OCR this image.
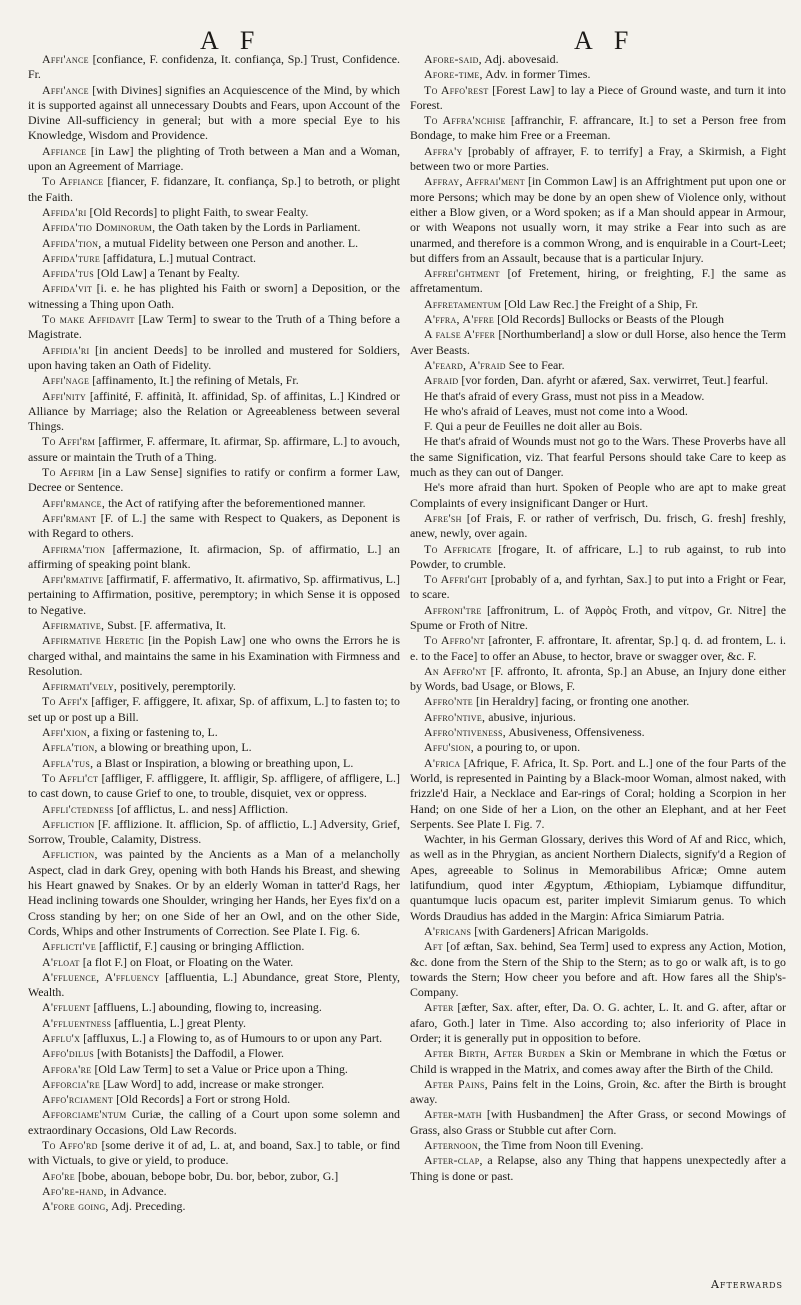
A F	A F

Affi'ance [confiance, F. confidenza, It. confiança, Sp.] Trust, Confidence. Fr.

Affi'ance [with Divines] signifies an Acquiescence of the Mind, by which it is supported against all unnecessary Doubts and Fears, upon Account of the Divine All-sufficiency in general; but with a more special Eye to his Knowledge, Wisdom and Providence.

Affiance [in Law] the plighting of Troth between a Man and a Woman, upon an Agreement of Marriage.

To Affiance [fiancer, F. fidanzare, It. confiança, Sp.] to betroth, or plight the Faith.

Affida'ri [Old Records] to plight Faith, to swear Fealty.

Affida'tio Dominorum, the Oath taken by the Lords in Parliament.

Affida'tion, a mutual Fidelity between one Person and another. L.

Affida'ture [affidatura, L.] mutual Contract.

Affida'tus [Old Law] a Tenant by Fealty.

Affida'vit [i. e. he has plighted his Faith or sworn] a Deposition, or the witnessing a Thing upon Oath.

To make Affidavit [Law Term] to swear to the Truth of a Thing before a Magistrate.

Affidia'ri [in ancient Deeds] to be inrolled and mustered for Soldiers, upon having taken an Oath of Fidelity.

Affi'nage [affinamento, It.] the refining of Metals, Fr.

Affi'nity [affinité, F. affinità, It. affinidad, Sp. of affinitas, L.] Kindred or Alliance by Marriage; also the Relation or Agreeableness between several Things.

To Affi'rm [affirmer, F. affermare, It. afirmar, Sp. affirmare, L.] to avouch, assure or maintain the Truth of a Thing.

To Affirm [in a Law Sense] signifies to ratify or confirm a former Law, Decree or Sentence.

Affi'rmance, the Act of ratifying after the beforementioned manner.

Affi'rmant [F. of L.] the same with Respect to Quakers, as Deponent is with Regard to others.

Affirma'tion [affermazione, It. afirmacion, Sp. of affirmatio, L.] an affirming of speaking point blank.

Affi'rmative [affirmatif, F. affermativo, It. afirmativo, Sp. affirmativus, L.] pertaining to Affirmation, positive, peremptory; in which Sense it is opposed to Negative.

Affirmative, Subst. [F. affermativa, It.

Affirmative Heretic [in the Popish Law] one who owns the Errors he is charged withal, and maintains the same in his Examination with Firmness and Resolution.

Affirmati'vely, positively, peremptorily.

To Affi'x [affiger, F. affiggere, It. afixar, Sp. of affixum, L.] to fasten to; to set up or post up a Bill.

Affi'xion, a fixing or fastening to, L.

Affla'tion, a blowing or breathing upon, L.

Affla'tus, a Blast or Inspiration, a blowing or breathing upon, L.

To Affli'ct [affliger, F. affliggere, It. affligir, Sp. affligere, of affligere, L.] to cast down, to cause Grief to one, to trouble, disquiet, vex or oppress.

Affli'ctedness [of afflictus, L. and ness] Affliction.

Affliction [F. afflizione. It. afflicion, Sp. of afflictio, L.] Adversity, Grief, Sorrow, Trouble, Calamity, Distress.

Affliction, was painted by the Ancients as a Man of a melancholly Aspect, clad in dark Grey, opening with both Hands his Breast, and shewing his Heart gnawed by Snakes. Or by an elderly Woman in tatter'd Rags, her Head inclining towards one Shoulder, wringing her Hands, her Eyes fix'd on a Cross standing by her; on one Side of her an Owl, and on the other Side, Cords, Whips and other Instruments of Correction. See Plate I. Fig. 6.

Afflicti've [afflictif, F.] causing or bringing Affliction.

A'float [a flot F.] on Float, or Floating on the Water.

A'ffluence, A'ffluency [affluentia, L.] Abundance, great Store, Plenty, Wealth.

A'ffluent [affluens, L.] abounding, flowing to, increasing.

A'ffluentness [affluentia, L.] great Plenty.

Afflu'x [affluxus, L.] a Flowing to, as of Humours to or upon any Part.

Affo'dilus [with Botanists] the Daffodil, a Flower.

Affora're [Old Law Term] to set a Value or Price upon a Thing.

Afforcia're [Law Word] to add, increase or make stronger.

Affo'rciament [Old Records] a Fort or strong Hold.

Afforciame'ntum Curiæ, the calling of a Court upon some solemn and extraordinary Occasions, Old Law Records.

To Affo'rd [some derive it of ad, L. at, and boand, Sax.] to table, or find with Victuals, to give or yield, to produce.

Afo're [bobe, abouan, bebope bobr, Du. bor, bebor, zubor, G.]

Afo're-hand, in Advance.

A'fore going, Adj. Preceding.

Afore-said, Adj. abovesaid.

Afore-time, Adv. in former Times.

To Affo'rest [Forest Law] to lay a Piece of Ground waste, and turn it into Forest.

To Affra'nchise [affranchir, F. affrancare, It.] to set a Person free from Bondage, to make him Free or a Freeman.

Affra'y [probably of affrayer, F. to terrify] a Fray, a Skirmish, a Fight between two or more Parties.

Affray, Affrai'ment [in Common Law] is an Affrightment put upon one or more Persons; which may be done by an open shew of Violence only, without either a Blow given, or a Word spoken; as if a Man should appear in Armour, or with Weapons not usually worn, it may strike a Fear into such as are unarmed, and therefore is a common Wrong, and is enquirable in a Court-Leet; but differs from an Assault, because that is a particular Injury.

Affrei'ghtment [of Fretement, hiring, or freighting, F.] the same as affretamentum.

Affretamentum [Old Law Rec.] the Freight of a Ship, Fr.

A'ffra, A'ffre [Old Records] Bullocks or Beasts of the Plough

A false A'ffer [Northumberland] a slow or dull Horse, also hence the Term Aver Beasts.

A'feard, A'fraid See to Fear.

Afraid [vor forden, Dan. afyrht or afæred, Sax. verwirret, Teut.] fearful.

He that's afraid of every Grass, must not piss in a Meadow.

He who's afraid of Leaves, must not come into a Wood.

F. Qui a peur de Feuilles ne doit aller au Bois.

He that's afraid of Wounds must not go to the Wars. These Proverbs have all the same Signification, viz. That fearful Persons should take Care to keep as much as they can out of Danger.

He's more afraid than hurt. Spoken of People who are apt to make great Complaints of every insignificant Danger or Hurt.

Afre'sh [of Frais, F. or rather of verfrisch, Du. frisch, G. fresh] freshly, anew, newly, over again.

To Affricate [frogare, It. of affricare, L.] to rub against, to rub into Powder, to crumble.

To Affri'ght [probably of a, and fyrhtan, Sax.] to put into a Fright or Fear, to scare.

Affroni'tre [affronitrum, L. of Ἀφρὸς Froth, and νίτρον, Gr. Nitre] the Spume or Froth of Nitre.

To Affro'nt [afronter, F. affrontare, It. afrentar, Sp.] q. d. ad frontem, L. i. e. to the Face] to offer an Abuse, to hector, brave or swagger over, &c. F.

An Affro'nt [F. affronto, It. afronta, Sp.] an Abuse, an Injury done either by Words, bad Usage, or Blows, F.

Affro'nte [in Heraldry] facing, or fronting one another.

Affro'ntive, abusive, injurious.

Affro'ntiveness, Abusiveness, Offensiveness.

Affu'sion, a pouring to, or upon.

A'frica [Afrique, F. Africa, It. Sp. Port. and L.] one of the four Parts of the World, is represented in Painting by a Black-moor Woman, almost naked, with frizzle'd Hair, a Necklace and Ear-rings of Coral; holding a Scorpion in her Hand; on one Side of her a Lion, on the other an Elephant, and at her Feet Serpents. See Plate I. Fig. 7.

Wachter, in his German Glossary, derives this Word of Af and Ricc, which, as well as in the Phrygian, as ancient Northern Dialects, signify'd a Region of Apes, agreeable to Solinus in Memorabilibus Africæ; Omne autem latifundium, quod inter Ægyptum, Æthiopiam, Lybiamque diffunditur, quantumque lucis opacum est, pariter implevit Simiarum genus. To which Words Draudius has added in the Margin: Africa Simiarum Patria.

A'fricans [with Gardeners] African Marigolds.

Aft [of æftan, Sax. behind, Sea Term] used to express any Action, Motion, &c. done from the Stern of the Ship to the Stern; as to go or walk aft, is to go towards the Stern; How cheer you before and aft. How fares all the Ship's-Company.

After [æfter, Sax. after, efter, Da. O. G. achter, L. It. and G. after, aftar or afaro, Goth.] later in Time. Also according to; also inferiority of Place in Order; it is generally put in opposition to before.

After Birth, After Burden a Skin or Membrane in which the Fœtus or Child is wrapped in the Matrix, and comes away after the Birth of the Child.

After Pains, Pains felt in the Loins, Groin, &c. after the Birth is brought away.

After-math [with Husbandmen] the After Grass, or second Mowings of Grass, also Grass or Stubble cut after Corn.

Afternoon, the Time from Noon till Evening.

After-clap, a Relapse, also any Thing that happens unexpectedly after a Thing is done or past.

Afterwards
